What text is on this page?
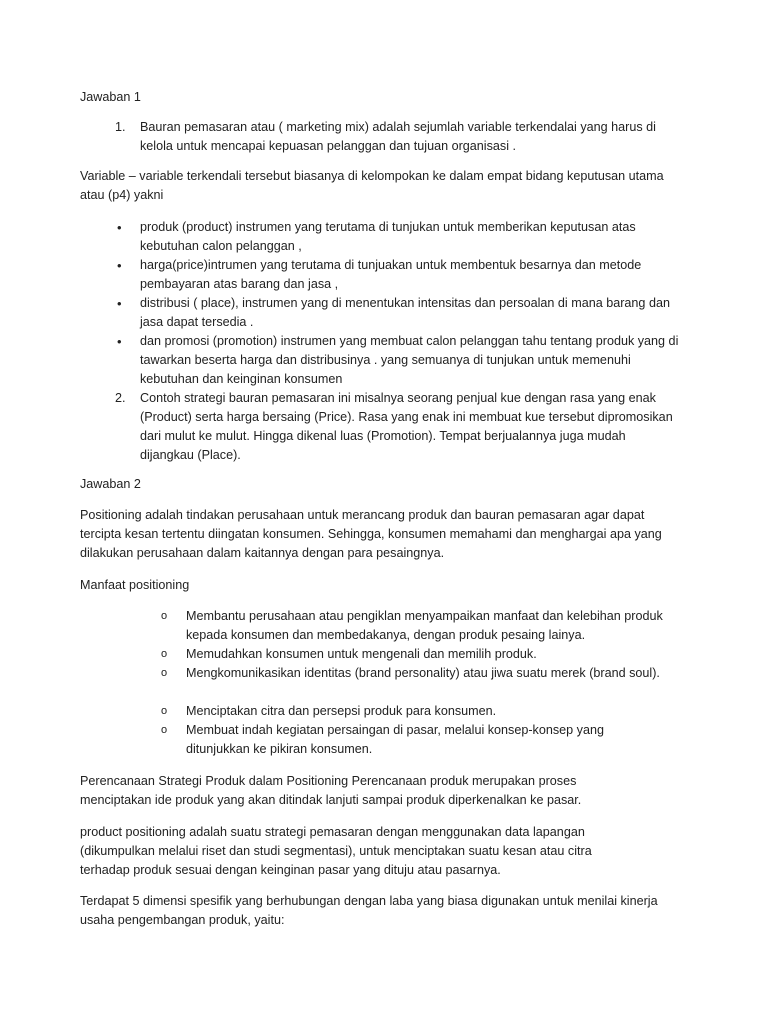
Jawaban 1

1. Bauran pemasaran atau ( marketing mix) adalah sejumlah variable terkendalai yang harus di kelola untuk mencapai kepuasan pelanggan dan tujuan organisasi .

Variable – variable terkendali tersebut biasanya di kelompokan ke dalam empat bidang keputusan utama atau (p4) yakni

• produk (product) instrumen yang terutama di tunjukan untuk memberikan keputusan atas kebutuhan calon pelanggan ,

• harga(price)intrumen yang terutama di tunjuakan untuk membentuk besarnya dan metode pembayaran atas barang dan jasa ,

• distribusi ( place), instrumen yang di menentukan intensitas dan persoalan di mana barang dan jasa dapat tersedia .

• dan promosi (promotion) instrumen yang membuat calon pelanggan tahu tentang produk yang di tawarkan beserta harga dan distribusinya . yang semuanya di tunjukan untuk memenuhi kebutuhan dan keinginan konsumen

2. Contoh strategi bauran pemasaran ini misalnya seorang penjual kue dengan rasa yang enak (Product) serta harga bersaing (Price). Rasa yang enak ini membuat kue tersebut dipromosikan dari mulut ke mulut. Hingga dikenal luas (Promotion). Tempat berjualannya juga mudah dijangkau (Place).

Jawaban 2

Positioning adalah tindakan perusahaan untuk merancang produk dan bauran pemasaran agar dapat tercipta kesan tertentu diingatan konsumen. Sehingga, konsumen memahami dan menghargai apa yang dilakukan perusahaan dalam kaitannya dengan para pesaingnya.

Manfaat positioning

o Membantu perusahaan atau pengiklan menyampaikan manfaat dan kelebihan produk kepada konsumen dan membedakanya, dengan produk pesaing lainya.

o Memudahkan konsumen untuk mengenali dan memilih produk.

o Mengkomunikasikan identitas (brand personality) atau jiwa suatu merek (brand soul).

o Menciptakan citra dan persepsi produk para konsumen.

o Membuat indah kegiatan persaingan di pasar, melalui konsep-konsep yang ditunjukkan ke pikiran konsumen.

Perencanaan Strategi Produk dalam Positioning Perencanaan produk merupakan proses menciptakan ide produk yang akan ditindak lanjuti sampai produk diperkenalkan ke pasar.

product positioning adalah suatu strategi pemasaran dengan menggunakan data lapangan (dikumpulkan melalui riset dan studi segmentasi), untuk menciptakan suatu kesan atau citra terhadap produk sesuai dengan keinginan pasar yang dituju atau pasarnya.

Terdapat 5 dimensi spesifik yang berhubungan dengan laba yang biasa digunakan untuk menilai kinerja usaha pengembangan produk, yaitu:
